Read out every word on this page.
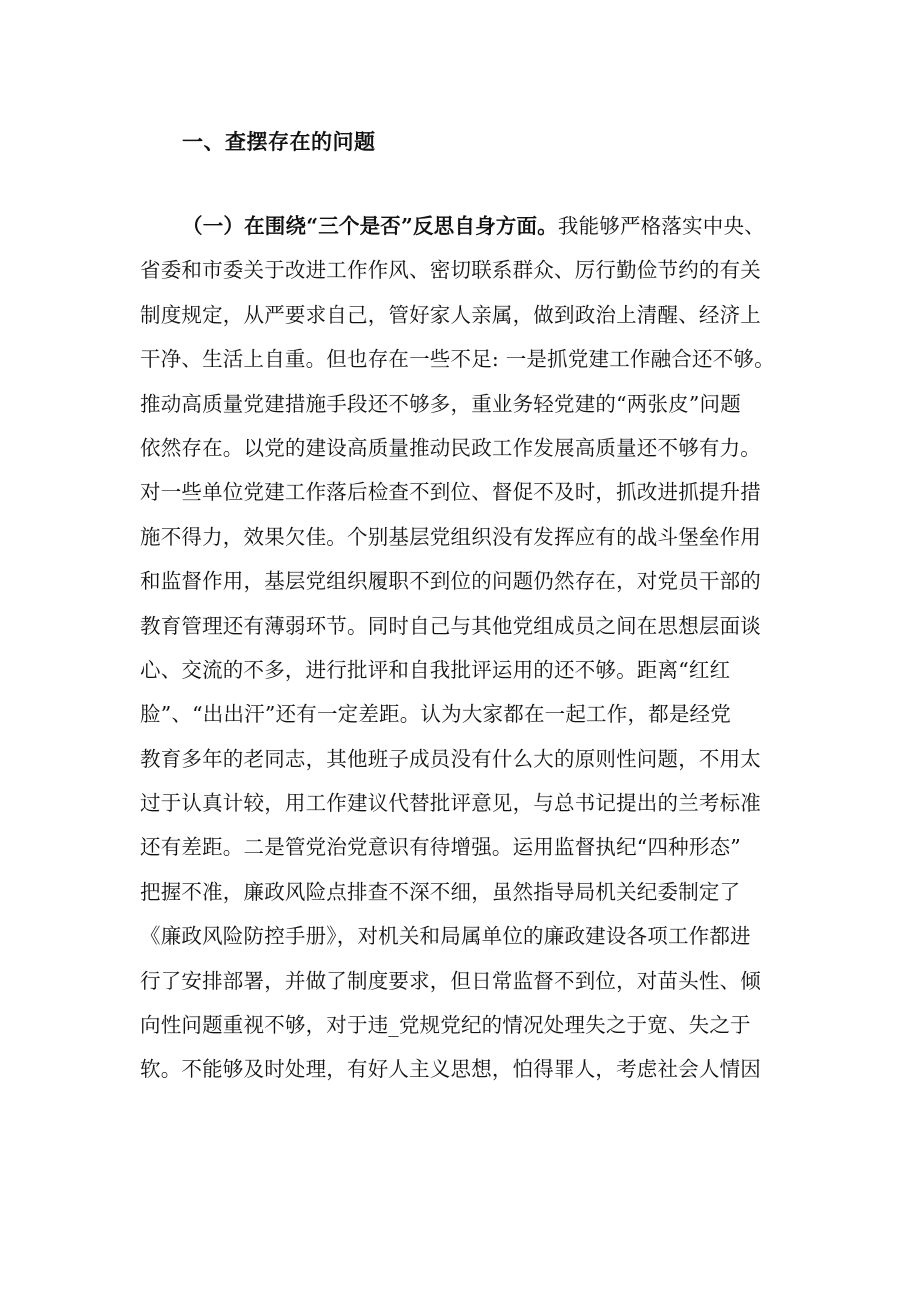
一、查摆存在的问题
（一）在围绕“三个是否”反思自身方面。我能够严格落实中央、
省委和市委关于改进工作作风、密切联系群众、厉行勤俭节约的有关
制度规定，从严要求自己，管好家人亲属，做到政治上清醒、经济上
干净、生活上自重。但也存在一些不足: 一是抓党建工作融合还不够。
推动高质量党建措施手段还不够多，重业务轻党建的“两张皮”问题
依然存在。以党的建设高质量推动民政工作发展高质量还不够有力。
对一些单位党建工作落后检查不到位、督促不及时，抓改进抓提升措
施不得力，效果欠佳。个别基层党组织没有发挥应有的战斗堡垒作用
和监督作用，基层党组织履职不到位的问题仍然存在，对党员干部的
教育管理还有薄弱环节。同时自己与其他党组成员之间在思想层面谈
心、交流的不多，进行批评和自我批评运用的还不够。距离“红红
脸”、“出出汗”还有一定差距。认为大家都在一起工作，都是经党
教育多年的老同志，其他班子成员没有什么大的原则性问题，不用太
过于认真计较，用工作建议代替批评意见，与总书记提出的兰考标准
还有差距。二是管党治党意识有待增强。运用监督执纪“四种形态”
把握不准，廉政风险点排查不深不细，虽然指导局机关纪委制定了
《廉政风险防控手册》，对机关和局属单位的廉政建设各项工作都进
行了安排部署，并做了制度要求，但日常监督不到位，对苗头性、倾
向性问题重视不够，对于违_党规党纪的情况处理失之于宽、失之于
软。不能够及时处理，有好人主义思想，怕得罪人，考虑社会人情因
